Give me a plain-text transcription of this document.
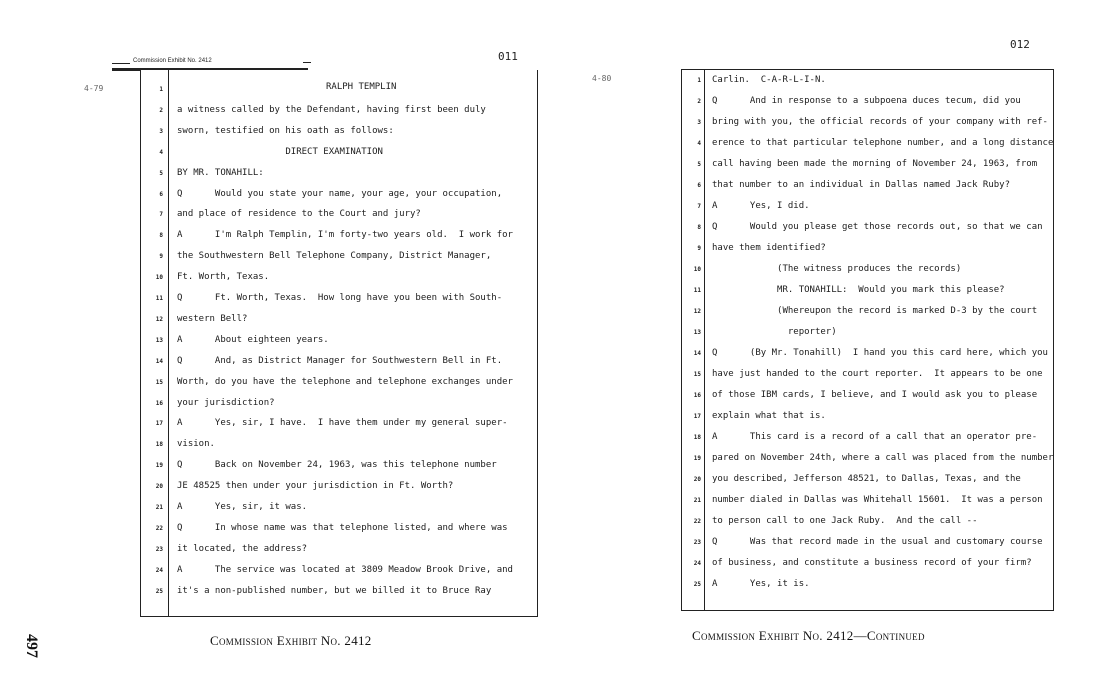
Commission Exhibit No. 2412	011
4-79	RALPH TEMPLIN
1
2 a witness called by the Defendant, having first been duly
3 sworn, testified on his oath as follows:
4 DIRECT EXAMINATION
5 BY MR. TONAHILL:
6 Q      Would you state your name, your age, your occupation,
7 and place of residence to the Court and jury?
8 A      I'm Ralph Templin, I'm forty-two years old.  I work for
9 the Southwestern Bell Telephone Company, District Manager,
10 Ft. Worth, Texas.
11 Q      Ft. Worth, Texas.  How long have you been with South-
12 western Bell?
13 A      About eighteen years.
14 Q      And, as District Manager for Southwestern Bell in Ft.
15 Worth, do you have the telephone and telephone exchanges under
16 your jurisdiction?
17 A      Yes, sir, I have.  I have them under my general super-
18 vision.
19 Q      Back on November 24, 1963, was this telephone number
20 JE 48525 then under your jurisdiction in Ft. Worth?
21 A      Yes, sir, it was.
22 Q      In whose name was that telephone listed, and where was
23 it located, the address?
24 A      The service was located at 3809 Meadow Brook Drive, and
25 it's a non-published number, but we billed it to Bruce Ray
Commission Exhibit No. 2412
012
4-80	1 Carlin.  C-A-R-L-I-N.
2 Q      And in response to a subpoena duces tecum, did you
3 bring with you, the official records of your company with ref-
4 erence to that particular telephone number, and a long distance
5 call having been made the morning of November 24, 1963, from
6 that number to an individual in Dallas named Jack Ruby?
7 A      Yes, I did.
8 Q      Would you please get those records out, so that we can
9 have them identified?
10 (The witness produces the records)
11 MR. TONAHILL:  Would you mark this please?
12 (Whereupon the record is marked D-3 by the court
13 reporter)
14 Q      (By Mr. Tonahill)  I hand you this card here, which you
15 have just handed to the court reporter.  It appears to be one
16 of those IBM cards, I believe, and I would ask you to please
17 explain what that is.
18 A      This card is a record of a call that an operator pre-
19 pared on November 24th, where a call was placed from the number
20 you described, Jefferson 48521, to Dallas, Texas, and the
21 number dialed in Dallas was Whitehall 15601.  It was a person
22 to person call to one Jack Ruby.  And the call --
23 Q      Was that record made in the usual and customary course
24 of business, and constitute a business record of your firm?
25 A      Yes, it is.
Commission Exhibit No. 2412—Continued
497
